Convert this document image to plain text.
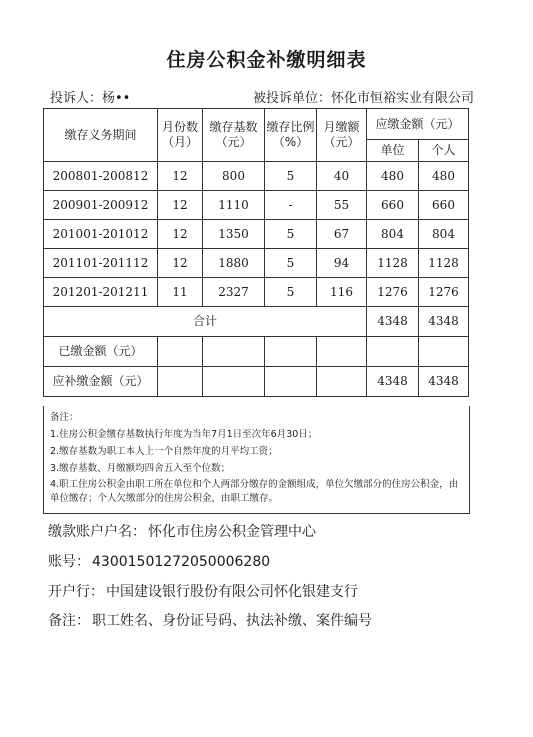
住房公积金补缴明细表
投诉人：杨••	被投诉单位：怀化市恒裕实业有限公司
缴存义务期间	月份数（月）	缴存基数（元）	缴存比例（%）	月缴额（元）	应缴金额（元）	
					单位	个人
200801-200812	12	800	5	40	480	480
200901-200912	12	1110	-	55	660	660
201001-201012	12	1350	5	67	804	804
201101-201112	12	1880	5	94	1128	1128
201201-201211	11	2327	5	116	1276	1276
合计					4348	4348
已缴金额（元）						
应补缴金额（元）					4348	4348
备注：
1.住房公积金缴存基数执行年度为当年7月1日至次年6月30日；
2.缴存基数为职工本人上一个自然年度的月平均工资；
3.缴存基数、月缴额均四舍五入至个位数；
4.职工住房公积金由职工所在单位和个人两部分缴存的金额组成，单位欠缴部分的住房公积金，由单位缴存；个人欠缴部分的住房公积金，由职工缴存。
缴款账户户名： 怀化市住房公积金管理中心
账号： 43001501272050006280
开户行： 中国建设银行股份有限公司怀化银建支行
备注： 职工姓名、身份证号码、执法补缴、案件编号
